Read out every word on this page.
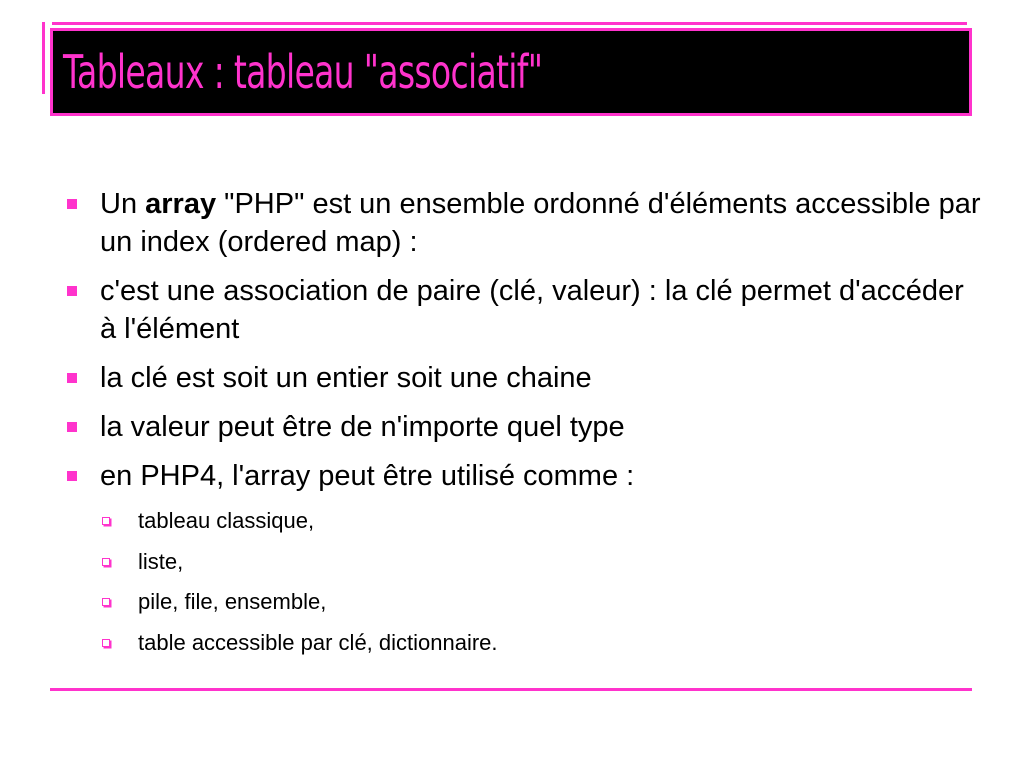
Tableaux : tableau "associatif"
Un array "PHP" est un ensemble ordonné d'éléments accessible par un index (ordered map) :
c'est une association de paire (clé, valeur) : la clé permet d'accéder à l'élément
la clé est soit un entier soit une chaine
la valeur peut être de n'importe quel type
en PHP4, l'array peut être utilisé comme :
tableau classique,
liste,
pile, file, ensemble,
table accessible par clé, dictionnaire.
